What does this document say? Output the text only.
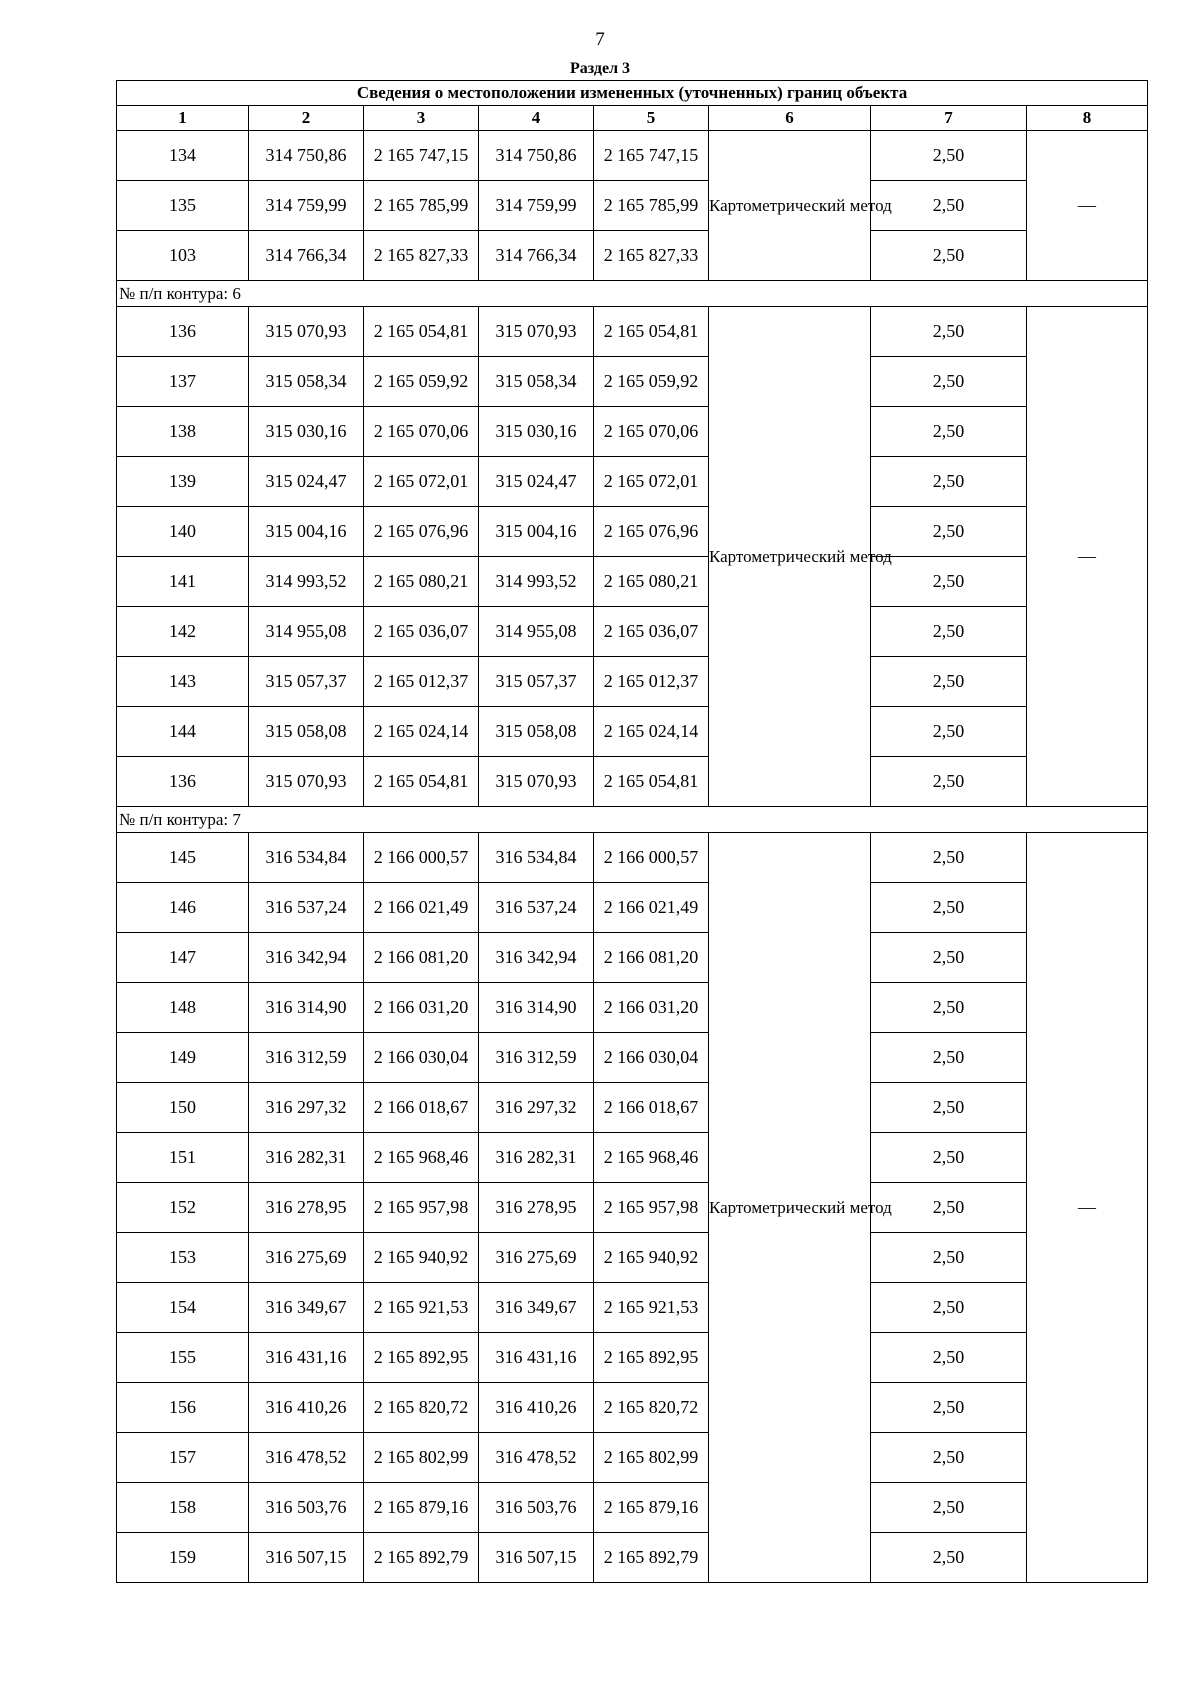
7
Раздел 3
Сведения о местоположении измененных (уточненных) границ объекта							
1	2	3	4	5	6	7	8
134	314 750,86	2 165 747,15	314 750,86	2 165 747,15	Картометрический метод	2,50	—
135	314 759,99	2 165 785,99	314 759,99	2 165 785,99		2,50	
103	314 766,34	2 165 827,33	314 766,34	2 165 827,33		2,50	
№ п/п контура: 6							
136	315 070,93	2 165 054,81	315 070,93	2 165 054,81	Картометрический метод	2,50	—
137	315 058,34	2 165 059,92	315 058,34	2 165 059,92		2,50	
138	315 030,16	2 165 070,06	315 030,16	2 165 070,06		2,50	
139	315 024,47	2 165 072,01	315 024,47	2 165 072,01		2,50	
140	315 004,16	2 165 076,96	315 004,16	2 165 076,96		2,50	
141	314 993,52	2 165 080,21	314 993,52	2 165 080,21		2,50	
142	314 955,08	2 165 036,07	314 955,08	2 165 036,07		2,50	
143	315 057,37	2 165 012,37	315 057,37	2 165 012,37		2,50	
144	315 058,08	2 165 024,14	315 058,08	2 165 024,14		2,50	
136	315 070,93	2 165 054,81	315 070,93	2 165 054,81		2,50	
№ п/п контура: 7							
145	316 534,84	2 166 000,57	316 534,84	2 166 000,57	Картометрический метод	2,50	—
146	316 537,24	2 166 021,49	316 537,24	2 166 021,49		2,50	
147	316 342,94	2 166 081,20	316 342,94	2 166 081,20		2,50	
148	316 314,90	2 166 031,20	316 314,90	2 166 031,20		2,50	
149	316 312,59	2 166 030,04	316 312,59	2 166 030,04		2,50	
150	316 297,32	2 166 018,67	316 297,32	2 166 018,67		2,50	
151	316 282,31	2 165 968,46	316 282,31	2 165 968,46		2,50	
152	316 278,95	2 165 957,98	316 278,95	2 165 957,98		2,50	
153	316 275,69	2 165 940,92	316 275,69	2 165 940,92		2,50	
154	316 349,67	2 165 921,53	316 349,67	2 165 921,53		2,50	
155	316 431,16	2 165 892,95	316 431,16	2 165 892,95		2,50	
156	316 410,26	2 165 820,72	316 410,26	2 165 820,72		2,50	
157	316 478,52	2 165 802,99	316 478,52	2 165 802,99		2,50	
158	316 503,76	2 165 879,16	316 503,76	2 165 879,16		2,50	
159	316 507,15	2 165 892,79	316 507,15	2 165 892,79		2,50	
